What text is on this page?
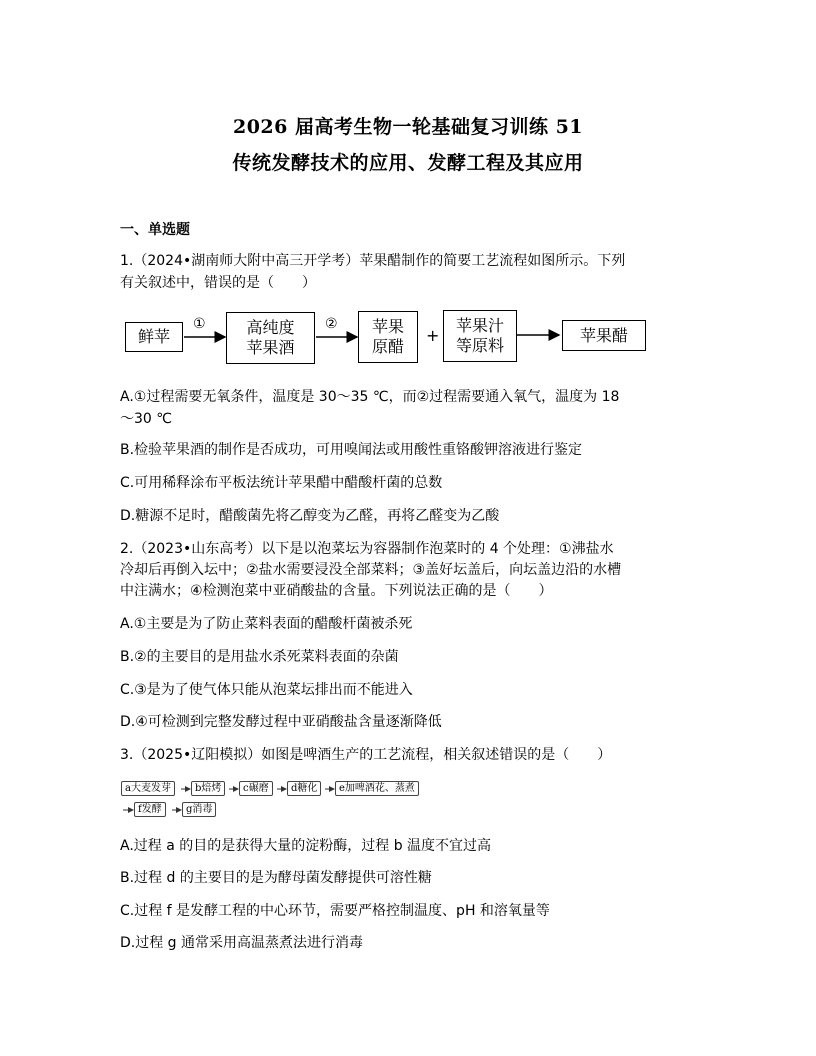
2026 届高考生物一轮基础复习训练 51
传统发酵技术的应用、发酵工程及其应用
一、单选题
1.（2024•湖南师大附中高三开学考）苹果醋制作的简要工艺流程如图所示。下列
有关叙述中，错误的是（　　）
鲜苹
①	高纯度
苹果酒
② 苹果
原醋
+
苹果汁
等原料
苹果醋
A.①过程需要无氧条件，温度是 30～35 ℃，而②过程需要通入氧气，温度为 18
～30 ℃
B.检验苹果酒的制作是否成功，可用嗅闻法或用酸性重铬酸钾溶液进行鉴定
C.可用稀释涂布平板法统计苹果醋中醋酸杆菌的总数
D.糖源不足时，醋酸菌先将乙醇变为乙醛，再将乙醛变为乙酸
2.（2023•山东高考）以下是以泡菜坛为容器制作泡菜时的 4 个处理：①沸盐水
冷却后再倒入坛中；②盐水需要浸没全部菜料；③盖好坛盖后，向坛盖边沿的水槽
中注满水；④检测泡菜中亚硝酸盐的含量。下列说法正确的是（　　）
A.①主要是为了防止菜料表面的醋酸杆菌被杀死
B.②的主要目的是用盐水杀死菜料表面的杂菌
C.③是为了使气体只能从泡菜坛排出而不能进入
D.④可检测到完整发酵过程中亚硝酸盐含量逐渐降低
3.（2025•辽阳模拟）如图是啤酒生产的工艺流程，相关叙述错误的是（　　）
a大麦发芽	b焙烤	c碾磨	d糖化	e加啤酒花、蒸煮
f发酵	g消毒
A.过程 a 的目的是获得大量的淀粉酶，过程 b 温度不宜过高
B.过程 d 的主要目的是为酵母菌发酵提供可溶性糖
C.过程 f 是发酵工程的中心环节，需要严格控制温度、pH 和溶氧量等
D.过程 g 通常采用高温蒸煮法进行消毒
